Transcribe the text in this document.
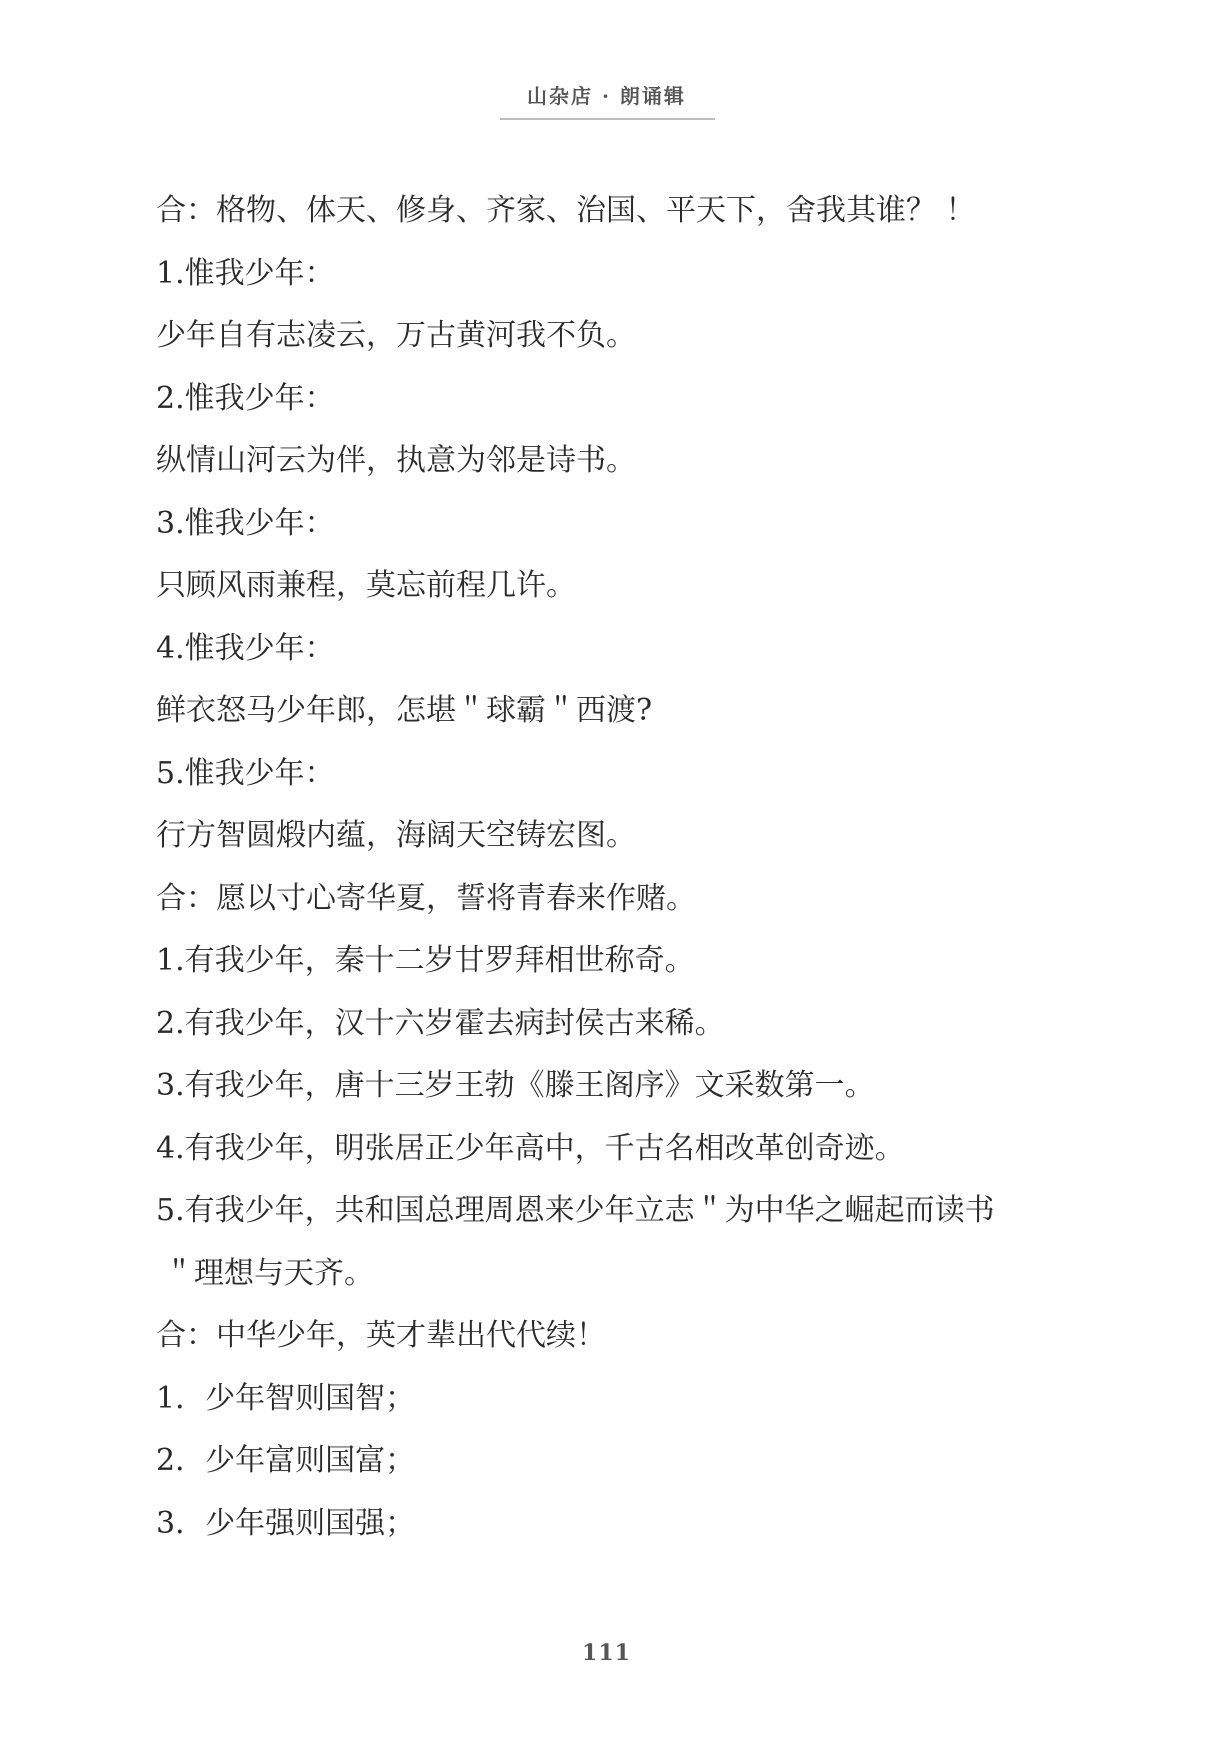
山杂店 · 朗诵辑
合：格物、体天、修身、齐家、治国、平天下，舍我其谁？ ！
1.惟我少年：
少年自有志凌云，万古黄河我不负。
2.惟我少年：
纵情山河云为伴，执意为邻是诗书。
3.惟我少年：
只顾风雨兼程，莫忘前程几许。
4.惟我少年：
鲜衣怒马少年郎，怎堪＂球霸＂西渡?
5.惟我少年：
行方智圆煅内蕴，海阔天空铸宏图。
合：愿以寸心寄华夏，誓将青春来作赌。
1.有我少年，秦十二岁甘罗拜相世称奇。
2.有我少年，汉十六岁霍去病封侯古来稀。
3.有我少年，唐十三岁王勃《滕王阁序》文采数第一。
4.有我少年，明张居正少年高中，千古名相改革创奇迹。
5.有我少年，共和国总理周恩来少年立志＂为中华之崛起而读书
＂理想与天齐。
合：中华少年，英才辈出代代续！
1．少年智则国智；
2．少年富则国富；
3．少年强则国强；
111
